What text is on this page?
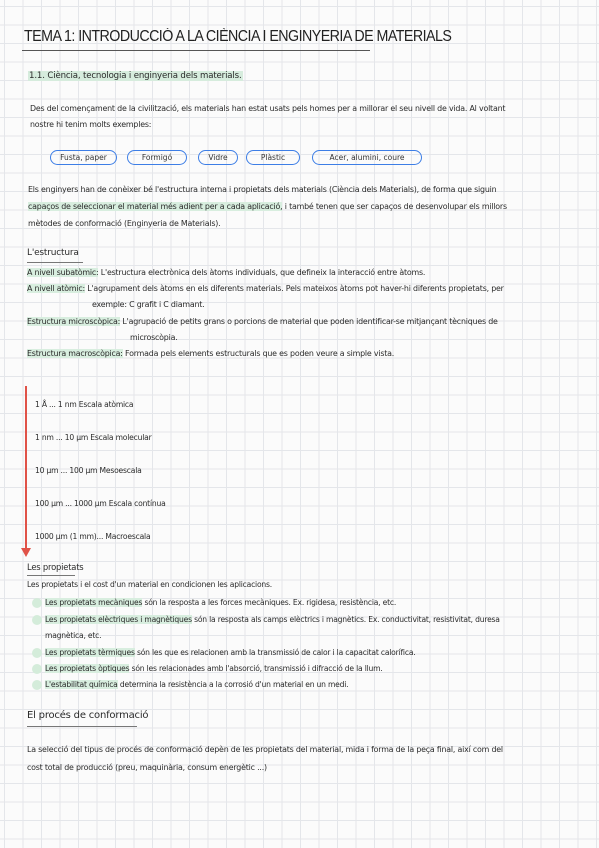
TEMA 1: INTRODUCCIÓ A LA CIÈNCIA I ENGINYERIA DE MATERIALS
1.1. Ciència, tecnologia i enginyeria dels materials.
Des del començament de la civilització, els materials han estat usats pels homes per a millorar el seu nivell de vida. Al voltant
nostre hi tenim molts exemples:
Fusta, paper	Formigó	Vidre	Plàstic	Acer, alumini, coure
Els enginyers han de conèixer bé l'estructura interna i propietats dels materials (Ciència dels Materials), de forma que siguin
capaços de seleccionar el material més adient per a cada aplicació, i també tenen que ser capaços de desenvolupar els millors
mètodes de conformació (Enginyeria de Materials).
L'estructura
A nivell subatòmic: L'estructura electrònica dels àtoms individuals, que defineix la interacció entre àtoms.
A nivell atòmic: L'agrupament dels àtoms en els diferents materials. Pels mateixos àtoms pot haver-hi diferents propietats, per
exemple: C grafit i C diamant.
Estructura microscòpica: L'agrupació de petits grans o porcions de material que poden identificar-se mitjançant tècniques de
microscòpia.
Estructura macroscòpica: Formada pels elements estructurals que es poden veure a simple vista.
1 Å ... 1 nm Escala atòmica
1 nm ... 10 μm Escala molecular
10 μm ... 100 μm Mesoescala
100 μm ... 1000 μm Escala contínua
1000 μm (1 mm)... Macroescala
Les propietats
Les propietats i el cost d'un material en condicionen les aplicacions.
Les propietats mecàniques són la resposta a les forces mecàniques. Ex. rigidesa, resistència, etc.
Les propietats elèctriques i magnètiques són la resposta als camps elèctrics i magnètics. Ex. conductivitat, resistivitat, duresa
magnètica, etc.
Les propietats tèrmiques són les que es relacionen amb la transmissió de calor i la capacitat calorífica.
Les propietats òptiques són les relacionades amb l'absorció, transmissió i difracció de la llum.
L'estabilitat química determina la resistència a la corrosió d'un material en un medi.
El procés de conformació
La selecció del tipus de procés de conformació depèn de les propietats del material, mida i forma de la peça final, així com del
cost total de producció (preu, maquinària, consum energètic ...)
